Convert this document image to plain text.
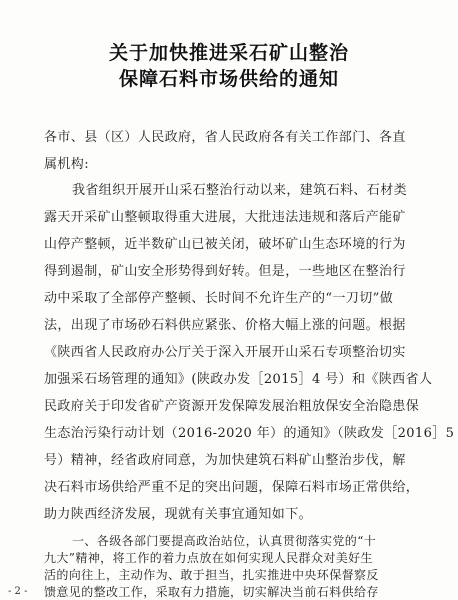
关于加快推进采石矿山整治
保障石料市场供给的通知
各市、县（区）人民政府，省人民政府各有关工作部门、各直
属机构:
我省组织开展开山采石整治行动以来，建筑石料、石材类
露天开采矿山整顿取得重大进展，大批违法违规和落后产能矿
山停产整顿，近半数矿山已被关闭，破坏矿山生态环境的行为
得到遏制，矿山安全形势得到好转。但是，一些地区在整治行
动中采取了全部停产整顿、长时间不允许生产的“一刀切”做
法，出现了市场砂石料供应紧张、价格大幅上涨的问题。根据
《陕西省人民政府办公厅关于深入开展开山采石专项整治切实
加强采石场管理的通知》(陕政办发［2015］4 号）和《陕西省人
民政府关于印发省矿产资源开发保障发展治粗放保安全治隐患保
生态治污染行动计划（2016-2020 年）的通知》（陕政发［2016］5
号）精神，经省政府同意，为加快建筑石料矿山整治步伐，解
决石料市场供给严重不足的突出问题，保障石料市场正常供给，
助力陕西经济发展，现就有关事宜通知如下。
一、各级各部门要提高政治站位，认真贯彻落实党的“十
九大”精神，将工作的着力点放在如何实现人民群众对美好生
活的向往上，主动作为、敢于担当，扎实推进中央环保督察反
馈意见的整改工作，采取有力措施，切实解决当前石料供给存
- 2 -
